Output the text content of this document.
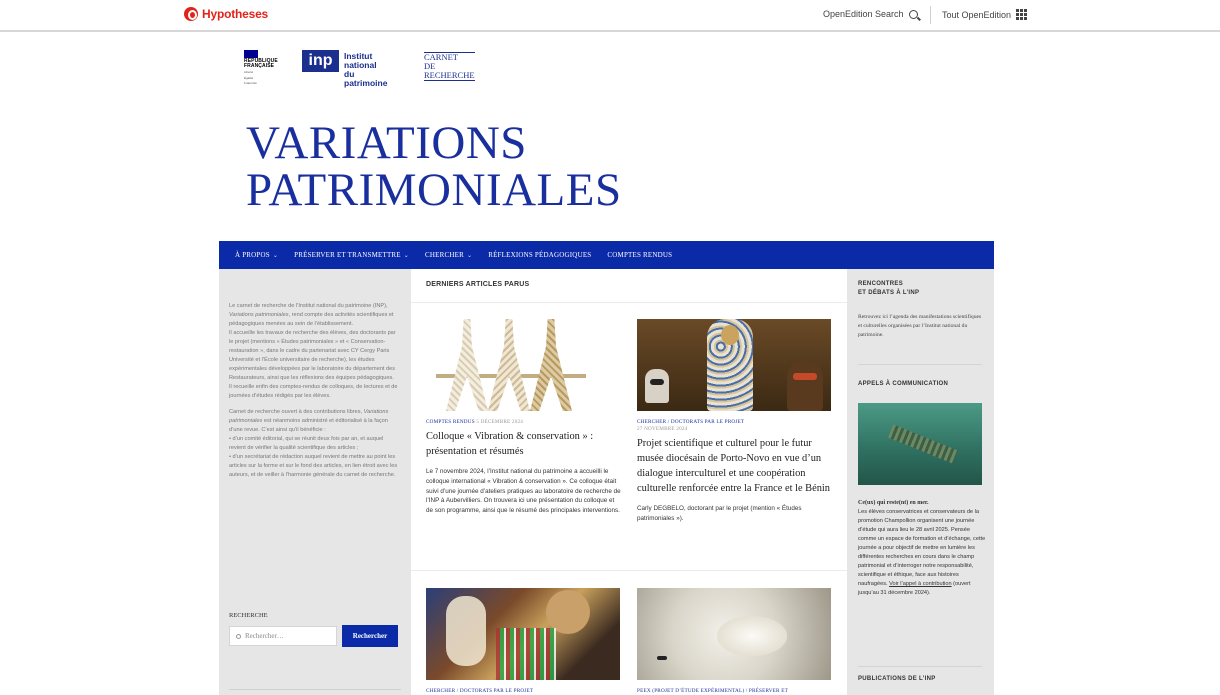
Hypotheses	OpenEdition Search	Tout OpenEdition
RÉPUBLIQUE
FRANÇAISE
Liberté
Égalité
Fraternité
inp	Institut national
du patrimoine
CARNET
DE RECHERCHE
VARIATIONS
PATRIMONIALES
À PROPOS ⌄ PRÉSERVER ET TRANSMETTRE ⌄ CHERCHER ⌄ RÉFLEXIONS PÉDAGOGIQUES COMPTES RENDUS

Le carnet de recherche de l’Institut national du patrimoine (INP), Variations patrimoniales, rend compte des activités scientifiques et pédagogiques menées au sein de l’établissement.
Il accueille les travaux de recherche des élèves, des doctorants par le projet (mentions « Études patrimoniales » et « Conservation-restauration », dans le cadre du partenariat avec CY Cergy Paris Université et l’École universitaire de recherche), les études expérimentales développées par le laboratoire du département des Restaurateurs, ainsi que les réflexions des équipes pédagogiques.
Il recueille enfin des comptes-rendus de colloques, de lectures et de journées d’études rédigés par les élèves.

Carnet de recherche ouvert à des contributions libres, Variations patrimoniales est néanmoins administré et éditorialisé à la façon d’une revue. C’est ainsi qu’il bénéficie :
• d’un comité éditorial, qui se réunit deux fois par an, et auquel revient de vérifier la qualité scientifique des articles ;
• d’un secrétariat de rédaction auquel revient de mettre au point les articles sur la forme et sur le fond des articles, en lien étroit avec les auteurs, et de veiller à l’harmonie générale du carnet de recherche.

RECHERCHE
Rechercher…	Rechercher
DERNIERS ARTICLES PARUS
COMPTES RENDUS 5 DÉCEMBRE 2024
Colloque « Vibration & conservation » : présentation et résumés
Le 7 novembre 2024, l’Institut national du patrimoine a accueilli le colloque international « Vibration & conservation ». Ce colloque était suivi d’une journée d’ateliers pratiques au laboratoire de recherche de l’INP à Aubervilliers. On trouvera ici une présentation du colloque et de son programme, ainsi que le résumé des principales interventions.
CHERCHER / DOCTORATS PAR LE PROJET
27 NOVEMBRE 2024
Projet scientifique et culturel pour le futur musée diocésain de Porto-Novo en vue d’un dialogue interculturel et une coopération culturelle renforcée entre la France et le Bénin
Carly DEGBELO, doctorant par le projet (mention « Études patrimoniales »).
CHERCHER / DOCTORATS PAR LE PROJET	PEEX (PROJET D’ÉTUDE EXPÉRIMENTAL) / PRÉSERVER ET
RENCONTRES
ET DÉBATS À L’INP
Retrouvez ici l’agenda des manifestations scientifiques et culturelles organisées par l’Institut national du patrimoine.
APPELS À COMMUNICATION
Ce(ux) qui reste(nt) en mer.
Les élèves conservatrices et conservateurs de la promotion Champollion organisent une journée d’étude qui aura lieu le 28 avril 2025. Pensée comme un espace de formation et d’échange, cette journée a pour objectif de mettre en lumière les différentes recherches en cours dans le champ patrimonial et d’interroger notre responsabilité, scientifique et éthique, face aux histoires naufragées. Voir l’appel à contribution (ouvert jusqu’au 31 décembre 2024).
PUBLICATIONS DE L’INP
